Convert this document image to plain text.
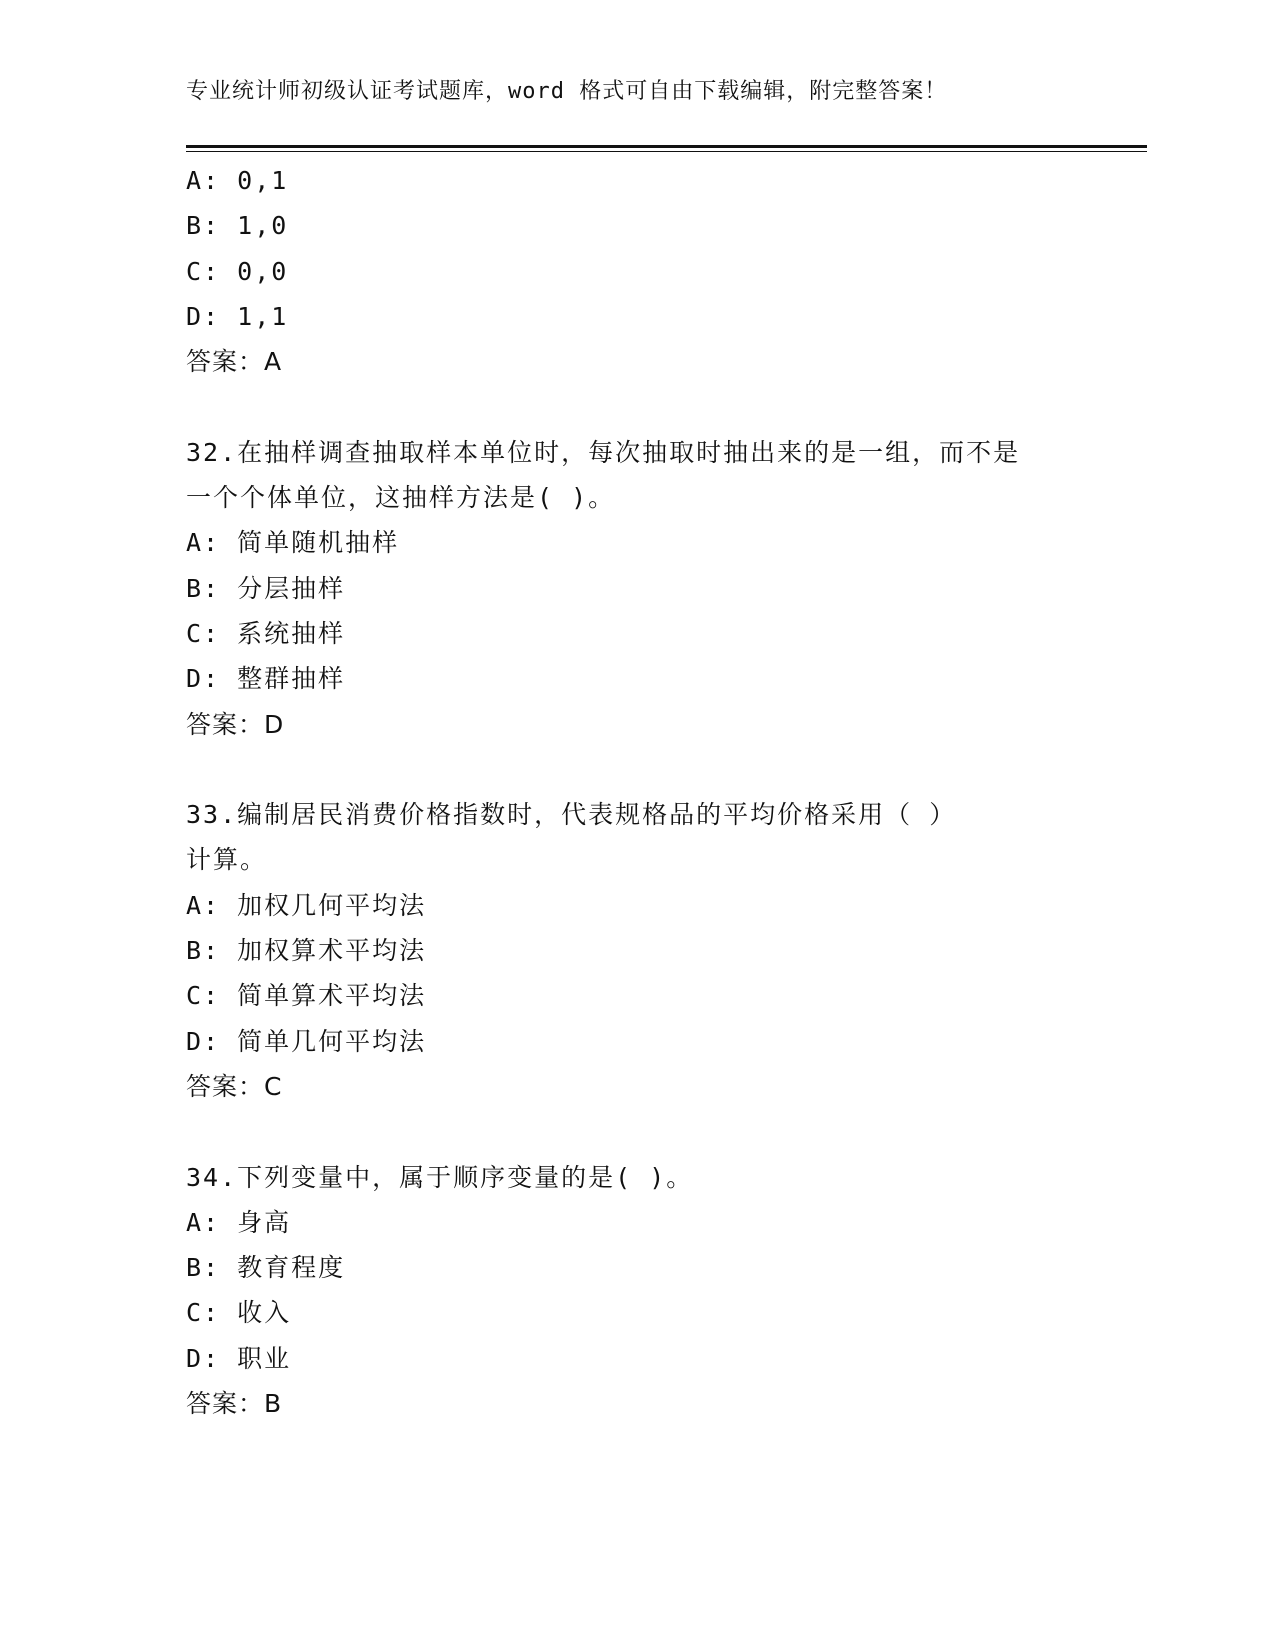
专业统计师初级认证考试题库，word 格式可自由下载编辑，附完整答案！
A: 0,1
B: 1,0
C: 0,0
D: 1,1
答案：A
32.在抽样调查抽取样本单位时，每次抽取时抽出来的是一组，而不是
一个个体单位，这抽样方法是( )。
A: 简单随机抽样
B: 分层抽样
C: 系统抽样
D: 整群抽样
答案：D
33.编制居民消费价格指数时，代表规格品的平均价格采用（ ）
计算。
A: 加权几何平均法
B: 加权算术平均法
C: 简单算术平均法
D: 简单几何平均法
答案：C
34.下列变量中，属于顺序变量的是( )。
A: 身高
B: 教育程度
C: 收入
D: 职业
答案：B
